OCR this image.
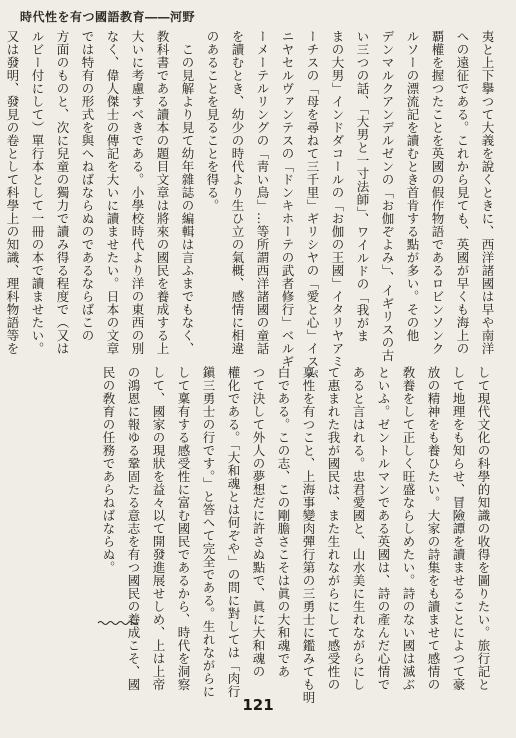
時代性を有つ國語教育――河野
夷と上下擧つて大義を說くときに、西洋諸國は早や南洋
への遠征である。これから見ても、英國が早くも海上の
覇權を握つたことを英國の假作物語であるロビンソンク
ルソーの漂流記を讀むとき首肯する點が多い。その他
デンマルクアンデルゼンの「お伽ぞよみ」、イギリスの古
い三つの話、「大男と一寸法師」、ワイルドの「我がま
まの大男」インドダコールの「お伽の王國」イタリヤアミ
ーチスの「母を尋ねて三千里」ギリシヤの「愛と心」イスパ
ニヤセルヴァンテスの「ドンキホーテの武者修行」ベルギ
ーメーテルリングの「靑い鳥」…等所謂西洋諸國の童話
を讀むとき、幼少の時代より生ひ立の氣概、感情に相違
のあることを見ることを得る。
　この見解より見て幼年雜誌の編輯は言ふまでもなく、
教科書である讀本の題目文章は將來の國民を養成する上
大いに考慮すべきである。小學校時代より洋の東西の別
なく、偉人傑士の傳記を大いに讀ませたい。日本の文章
では特有の形式を與へねばならぬのであるならばこの
方面のものと、次に兒童の獨力で讀み得る程度で（又は
ルビー付にして）單行本として一冊の本で讀ませたい。
又は發明、發見の卷として科學上の知識、理科物語等を
して現代文化の科學的知識の收得を圖りたい。旅行記と
して地理をも知らせ、冒險譚を讀ませることによつて豪
放の精神をも養ひたい。大家の詩集をも讀ませて感情の
敎養をして正しく旺盛ならしめたい。詩のない國は滅ぶ
といふ。ゼントルマンである英國は、詩の產んだ心情で
あると言はれる。忠君愛國と、山水美に生れながらにし
て惠まれた我が國民は、また生れながらにして感受性の
稟性を有つこと、上海事變肉彈行第の三勇士に鑑みても明
白である。この志、この剛膽さこそは眞の大和魂であ
つて決して外人の夢想だに許さぬ點で、眞に大和魂の
權化である。「大和魂とは何ぞや」の問に對しては「肉行
鎭三勇士の行です。」と答へて完全である。生れながらに
して稟有する感受性に富む國民であるから、時代を洞察
して、國家の現狀を益々以て開發進展せしめ、上は上帝
の鴻恩に報ゆる鞏固たる意志を有つ國民の養成こそ、國
民の敎育の任務であらねばならぬ。
121
